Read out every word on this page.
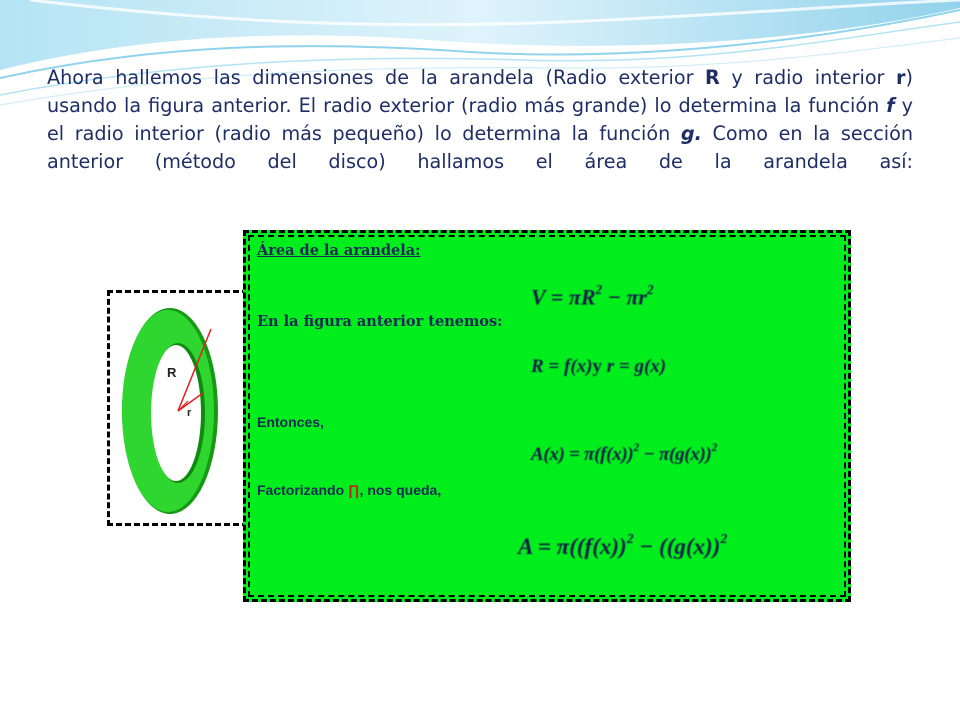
Ahora hallemos las dimensiones de la arandela (Radio exterior R y radio interior r) usando la figura anterior. El radio exterior (radio más grande) lo determina la función f y el radio interior (radio más pequeño) lo determina la función g. Como en la sección anterior (método del disco) hallamos el área de la arandela así:

R
r
Área de la arandela:
$V = \pi R^2 - \pi r^2$
En la figura anterior tenemos:
R = f(x)y r = g(x)
Entonces,
$A(x) = \pi(f(x))^2 - \pi(g(x))^2$
Factorizando ∏, nos queda,
$A = \pi((f(x))^2 - ((g(x))^2$
